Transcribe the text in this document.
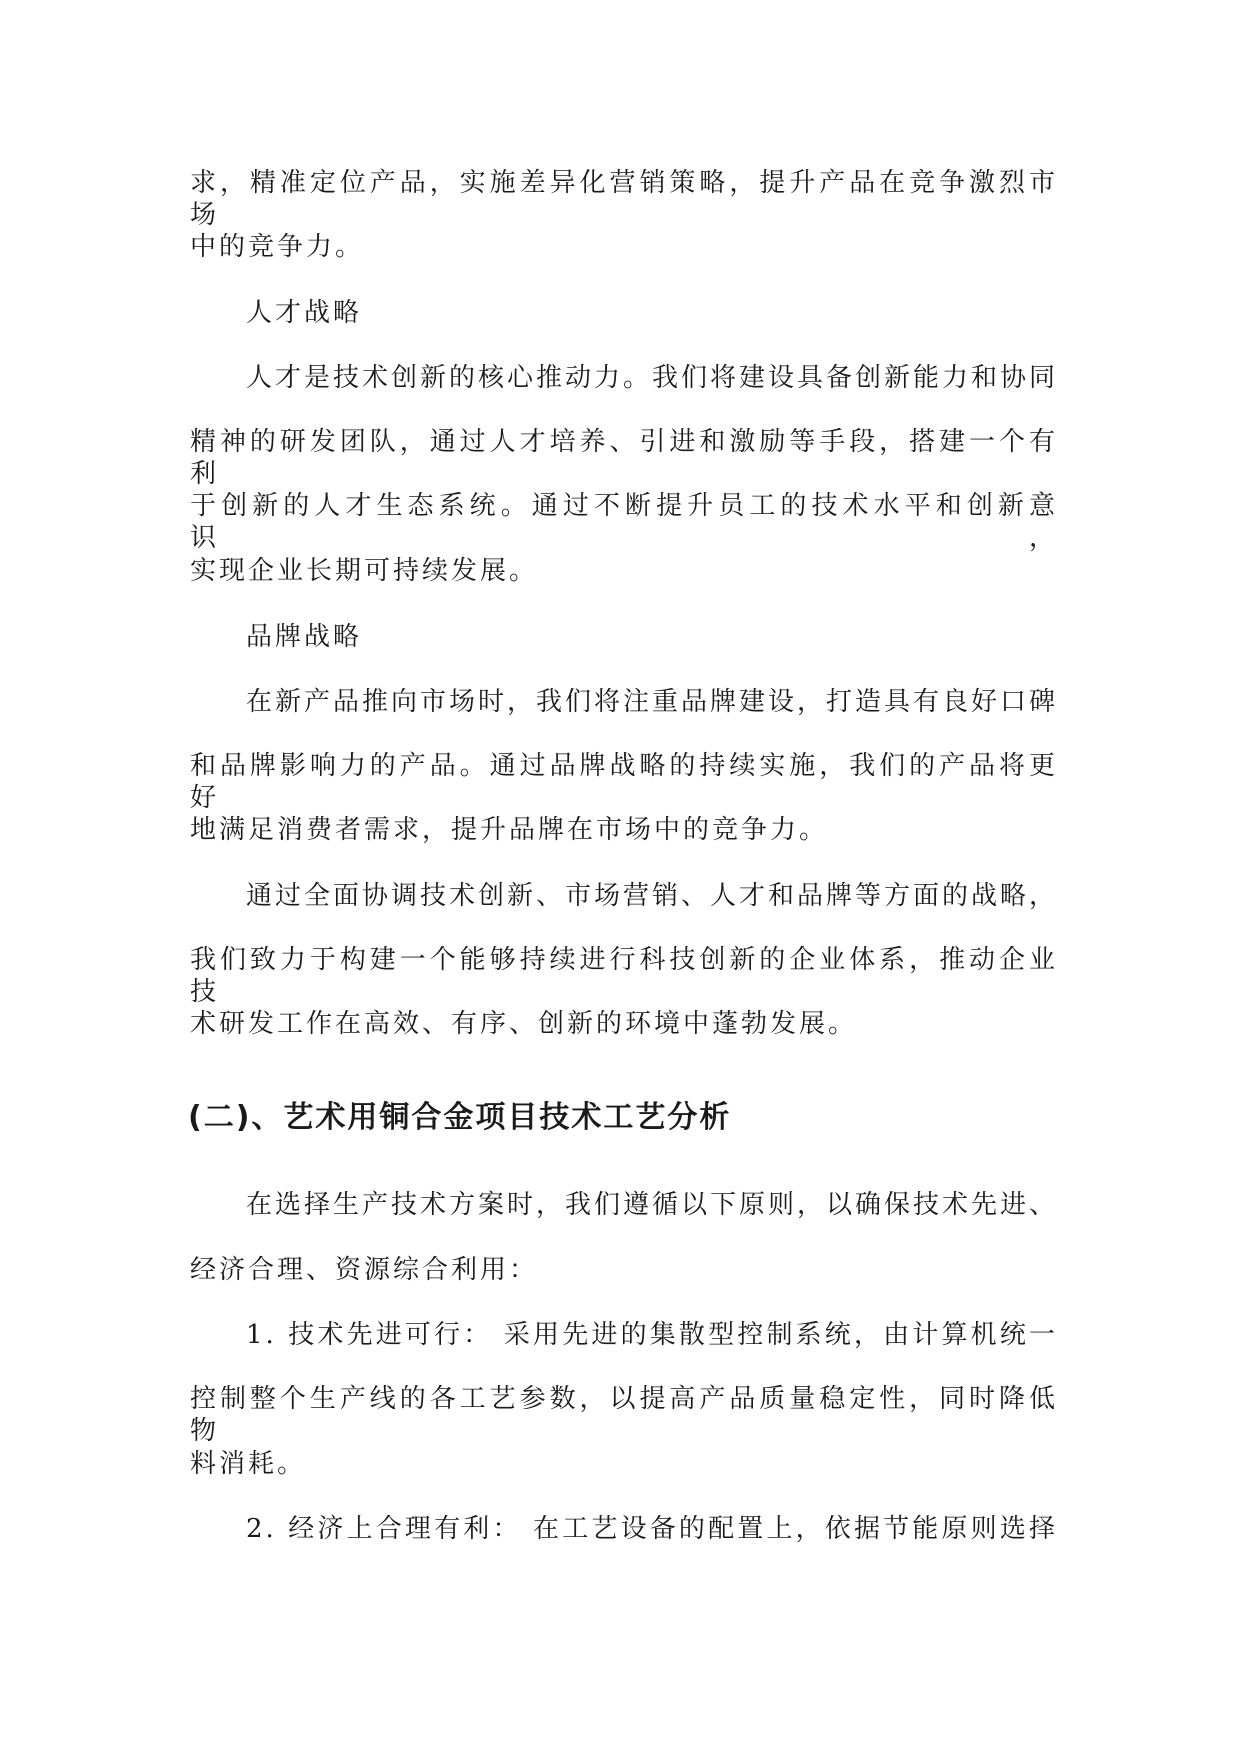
求，精准定位产品，实施差异化营销策略，提升产品在竞争激烈市场
中的竞争力。
人才战略
人才是技术创新的核心推动力。我们将建设具备创新能力和协同
精神的研发团队，通过人才培养、引进和激励等手段，搭建一个有利
于创新的人才生态系统。通过不断提升员工的技术水平和创新意识，
实现企业长期可持续发展。
品牌战略
在新产品推向市场时，我们将注重品牌建设，打造具有良好口碑
和品牌影响力的产品。通过品牌战略的持续实施，我们的产品将更好
地满足消费者需求，提升品牌在市场中的竞争力。
通过全面协调技术创新、市场营销、人才和品牌等方面的战略，
我们致力于构建一个能够持续进行科技创新的企业体系，推动企业技
术研发工作在高效、有序、创新的环境中蓬勃发展。
(二)、艺术用铜合金项目技术工艺分析
在选择生产技术方案时，我们遵循以下原则，以确保技术先进、
经济合理、资源综合利用：
1. 技术先进可行： 采用先进的集散型控制系统，由计算机统一
控制整个生产线的各工艺参数，以提高产品质量稳定性，同时降低物
料消耗。
2. 经济上合理有利： 在工艺设备的配置上，依据节能原则选择
